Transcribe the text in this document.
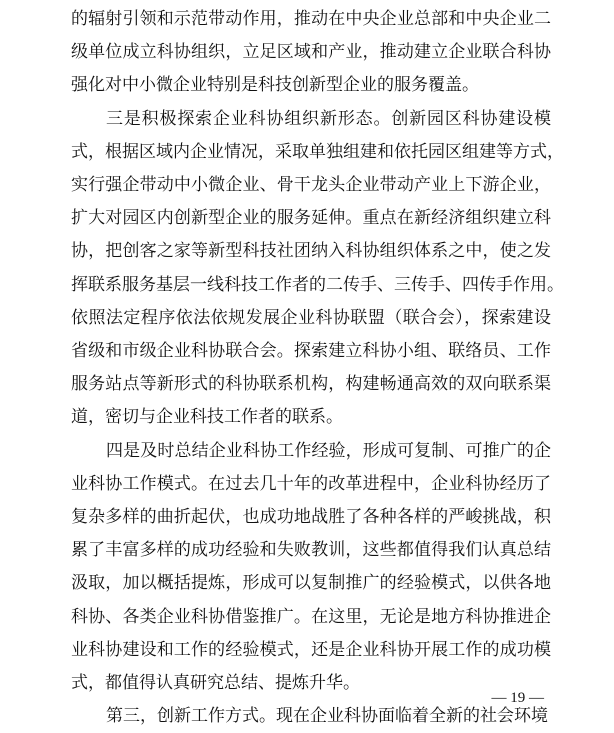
的辐射引领和示范带动作用，推动在中央企业总部和中央企业二
级单位成立科协组织，立足区域和产业，推动建立企业联合科协
强化对中小微企业特别是科技创新型企业的服务覆盖。
三是积极探索企业科协组织新形态。创新园区科协建设模
式，根据区域内企业情况，采取单独组建和依托园区组建等方式，
实行强企带动中小微企业、骨干龙头企业带动产业上下游企业，
扩大对园区内创新型企业的服务延伸。重点在新经济组织建立科
协，把创客之家等新型科技社团纳入科协组织体系之中，使之发
挥联系服务基层一线科技工作者的二传手、三传手、四传手作用。
依照法定程序依法依规发展企业科协联盟（联合会），探索建设
省级和市级企业科协联合会。探索建立科协小组、联络员、工作
服务站点等新形式的科协联系机构，构建畅通高效的双向联系渠
道，密切与企业科技工作者的联系。
四是及时总结企业科协工作经验，形成可复制、可推广的企
业科协工作模式。在过去几十年的改革进程中，企业科协经历了
复杂多样的曲折起伏，也成功地战胜了各种各样的严峻挑战，积
累了丰富多样的成功经验和失败教训，这些都值得我们认真总结
汲取，加以概括提炼，形成可以复制推广的经验模式，以供各地
科协、各类企业科协借鉴推广。在这里，无论是地方科协推进企
业科协建设和工作的经验模式，还是企业科协开展工作的成功模
式，都值得认真研究总结、提炼升华。
第三，创新工作方式。现在企业科协面临着全新的社会环境
— 19 —
